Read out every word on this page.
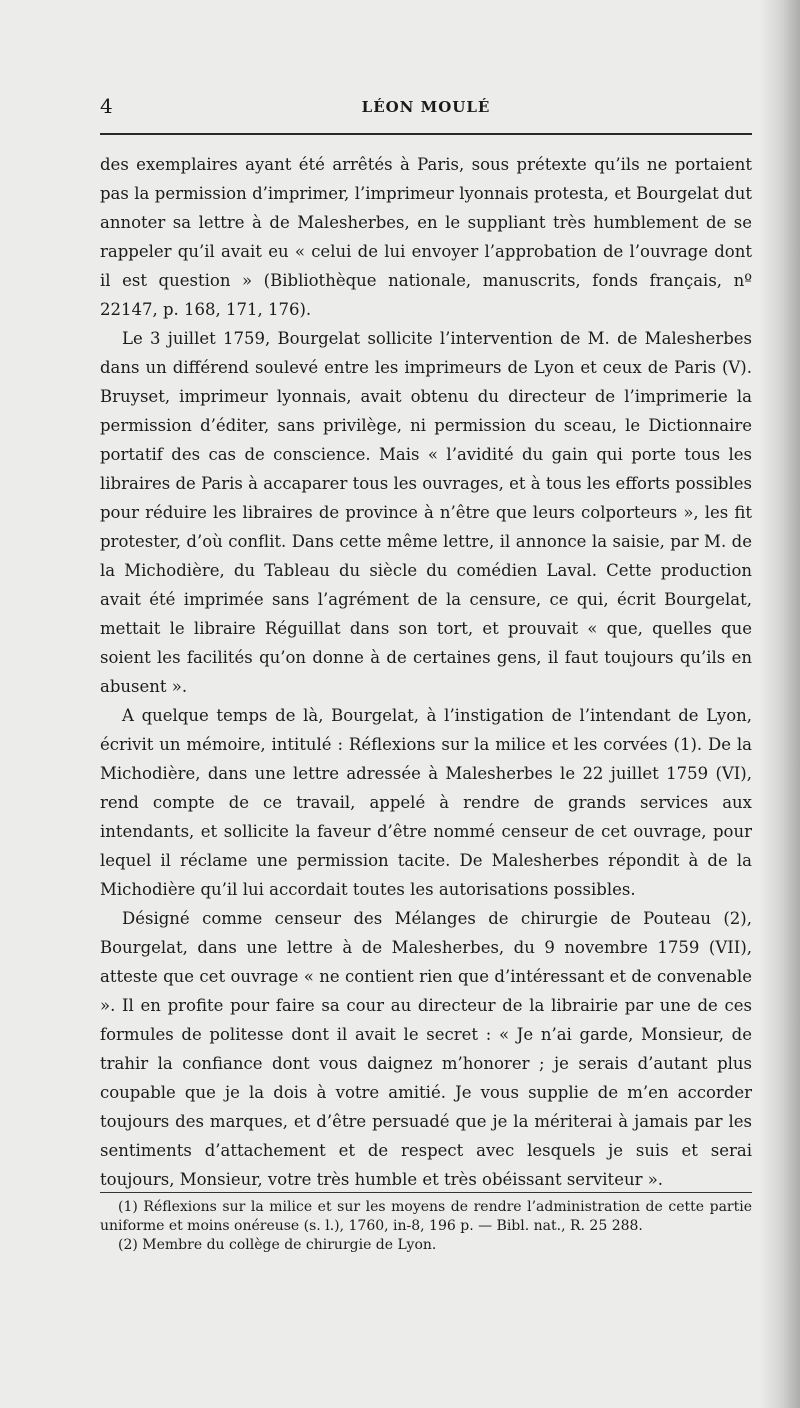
4	LÉON MOULÉ

des exemplaires ayant été arrêtés à Paris, sous prétexte qu’ils ne portaient pas la permission d’imprimer, l’imprimeur lyonnais protesta, et Bourgelat dut annoter sa lettre à de Malesherbes, en le suppliant très humblement de se rappeler qu’il avait eu « celui de lui envoyer l’approbation de l’ouvrage dont il est question » (Bibliothèque nationale, manuscrits, fonds français, nº 22147, p. 168, 171, 176).

Le 3 juillet 1759, Bourgelat sollicite l’intervention de M. de Malesherbes dans un différend soulevé entre les imprimeurs de Lyon et ceux de Paris (V). Bruyset, imprimeur lyonnais, avait obtenu du directeur de l’imprimerie la permission d’éditer, sans privilège, ni permission du sceau, le Dictionnaire portatif des cas de conscience. Mais « l’avidité du gain qui porte tous les libraires de Paris à accaparer tous les ouvrages, et à tous les efforts possibles pour réduire les libraires de province à n’être que leurs colporteurs », les fit protester, d’où conflit. Dans cette même lettre, il annonce la saisie, par M. de la Michodière, du Tableau du siècle du comédien Laval. Cette production avait été imprimée sans l’agrément de la censure, ce qui, écrit Bourgelat, mettait le libraire Réguillat dans son tort, et prouvait « que, quelles que soient les facilités qu’on donne à de certaines gens, il faut toujours qu’ils en abusent ».

A quelque temps de là, Bourgelat, à l’instigation de l’intendant de Lyon, écrivit un mémoire, intitulé : Réflexions sur la milice et les corvées (1). De la Michodière, dans une lettre adressée à Malesherbes le 22 juillet 1759 (VI), rend compte de ce travail, appelé à rendre de grands services aux intendants, et sollicite la faveur d’être nommé censeur de cet ouvrage, pour lequel il réclame une permission tacite. De Malesherbes répondit à de la Michodière qu’il lui accordait toutes les autorisations possibles.

Désigné comme censeur des Mélanges de chirurgie de Pouteau (2), Bourgelat, dans une lettre à de Malesherbes, du 9 novembre 1759 (VII), atteste que cet ouvrage « ne contient rien que d’intéressant et de convenable ». Il en profite pour faire sa cour au directeur de la librairie par une de ces formules de politesse dont il avait le secret : « Je n’ai garde, Monsieur, de trahir la confiance dont vous daignez m’honorer ; je serais d’autant plus coupable que je la dois à votre amitié. Je vous supplie de m’en accorder toujours des marques, et d’être persuadé que je la mériterai à jamais par les sentiments d’attachement et de respect avec lesquels je suis et serai toujours, Monsieur, votre très humble et très obéissant serviteur ».

(1) Réflexions sur la milice et sur les moyens de rendre l’administration de cette partie uniforme et moins onéreuse (s. l.), 1760, in-8, 196 p. — Bibl. nat., R. 25 288.

(2) Membre du collège de chirurgie de Lyon.
